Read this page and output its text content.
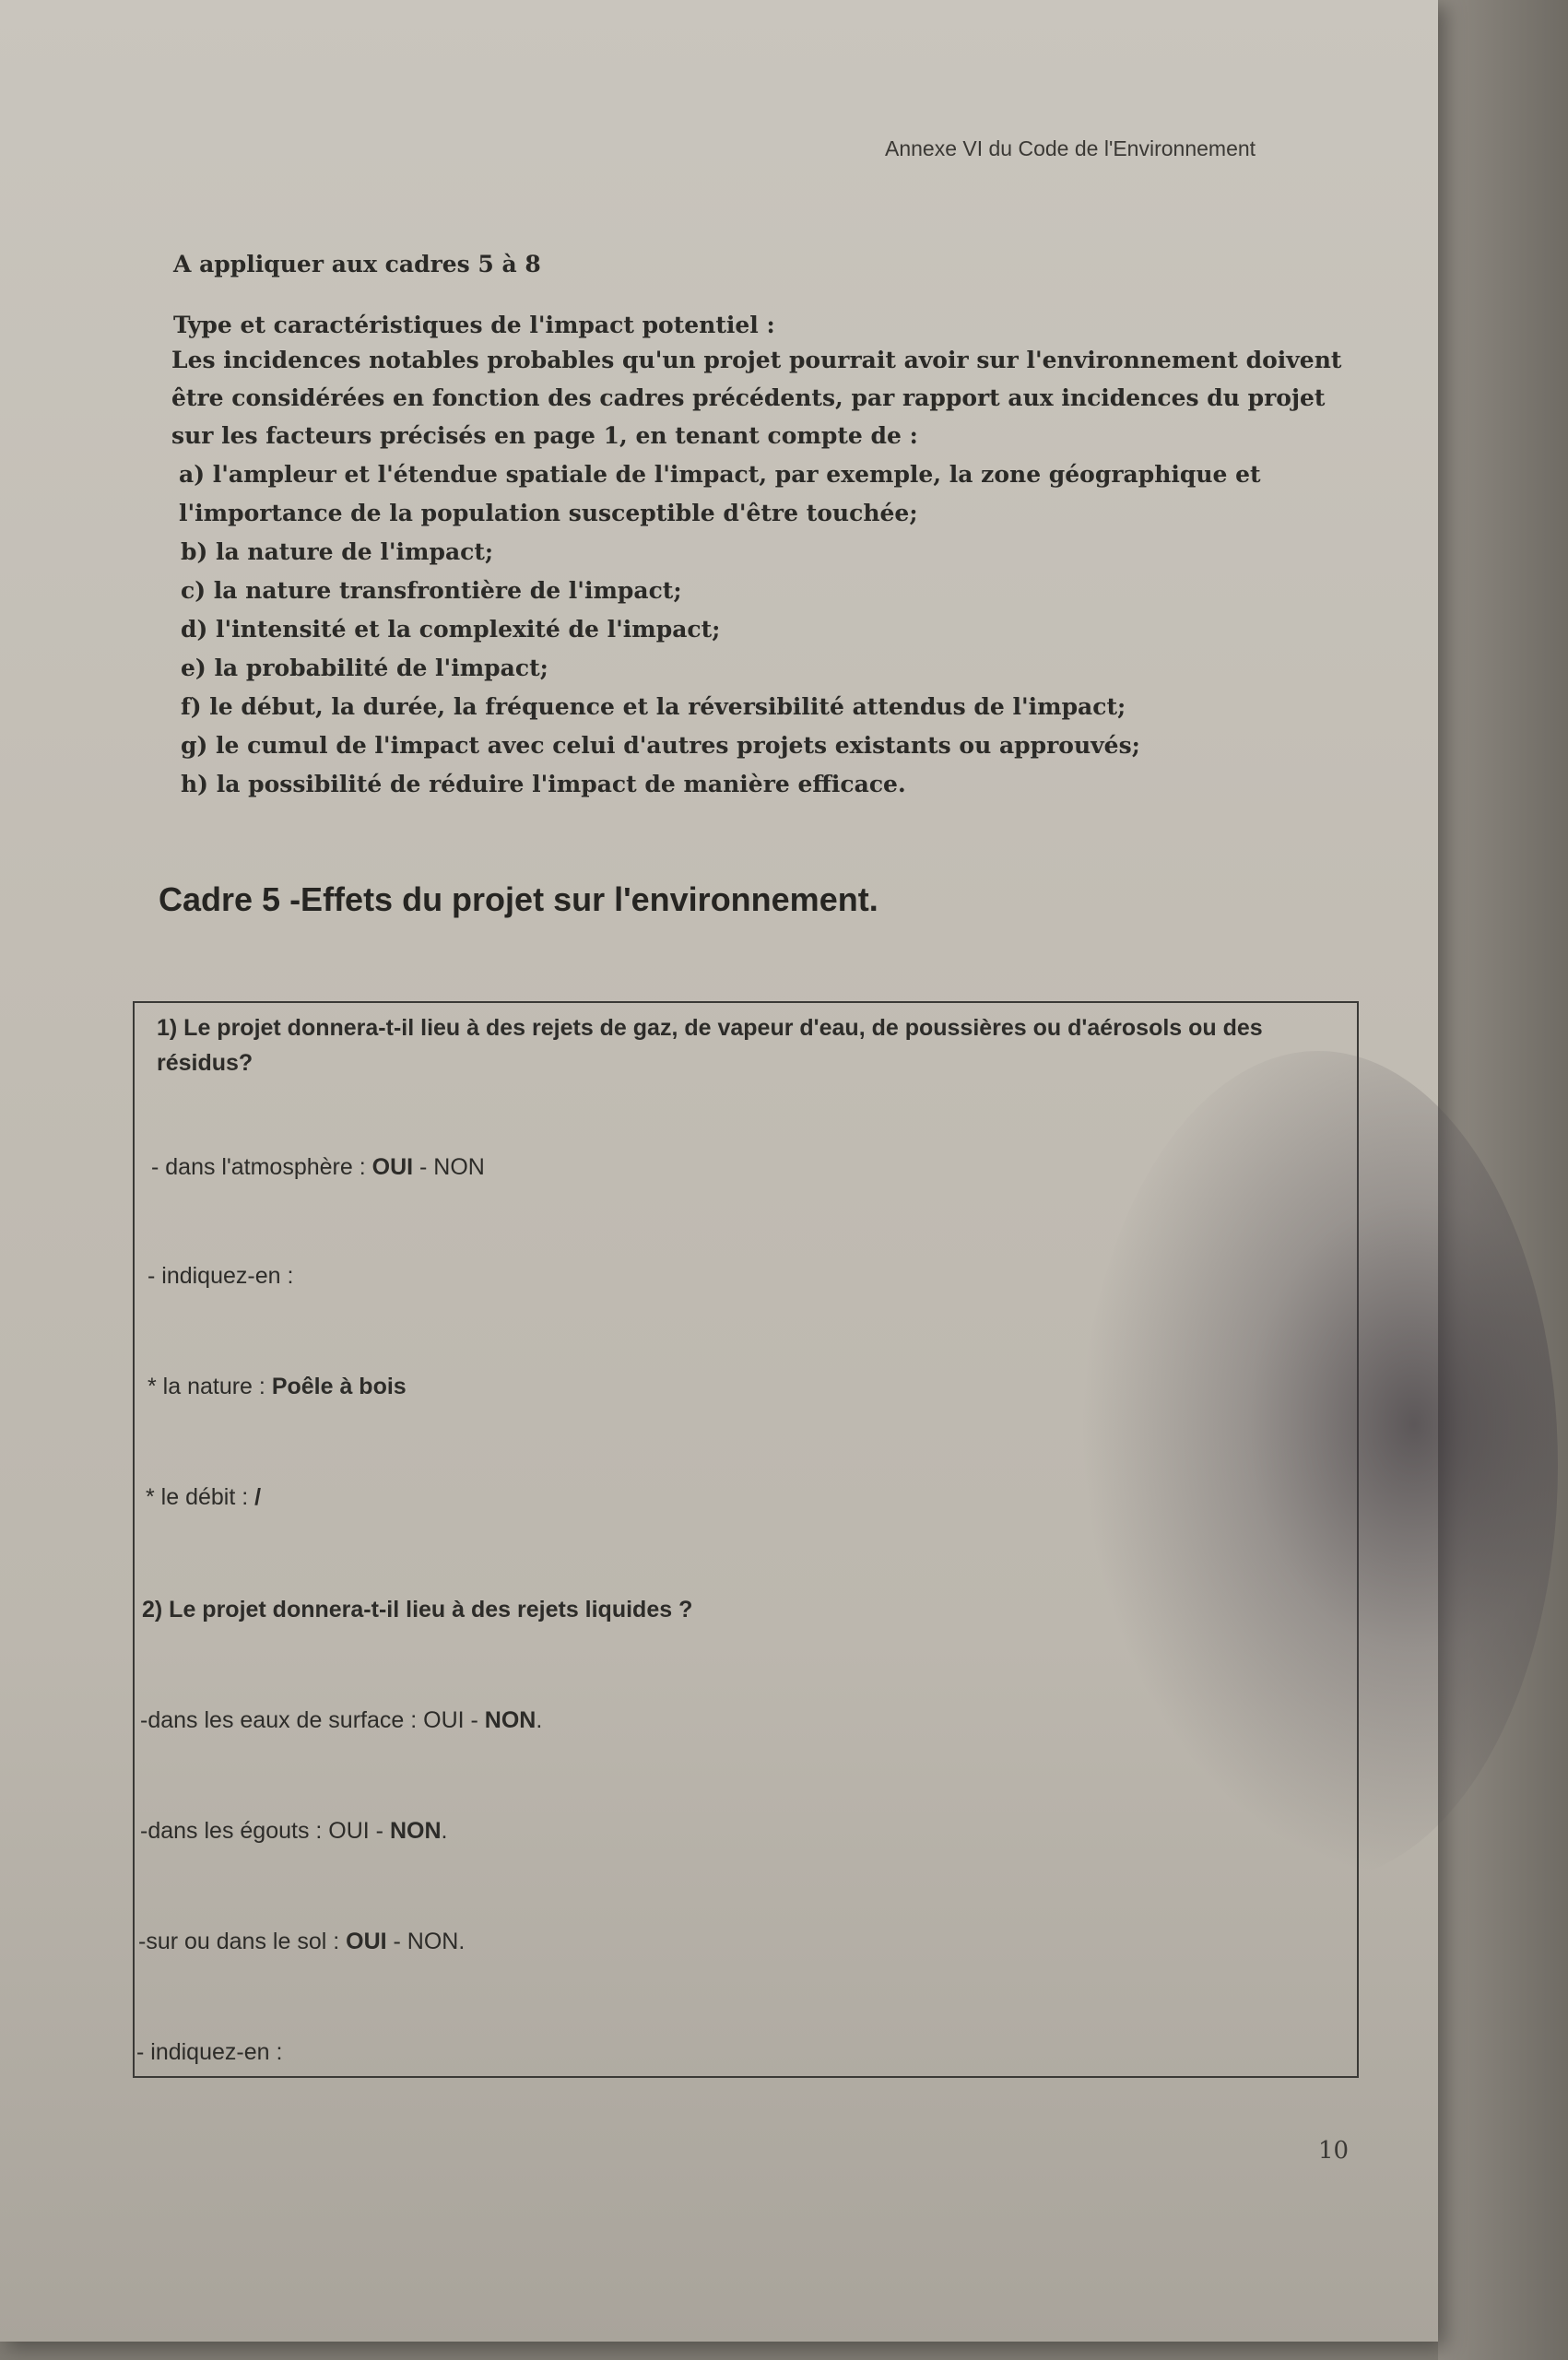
Annexe VI du Code de l'Environnement
A appliquer aux cadres 5 à 8
Type et caractéristiques de l'impact potentiel :
Les incidences notables probables qu'un projet pourrait avoir sur l'environnement doivent être considérées en fonction des cadres précédents, par rapport aux incidences du projet sur les facteurs précisés en page 1, en tenant compte de :
a) l'ampleur et l'étendue spatiale de l'impact, par exemple, la zone géographique et l'importance de la population susceptible d'être touchée;
b) la nature de l'impact;
c) la nature transfrontière de l'impact;
d) l'intensité et la complexité de l'impact;
e) la probabilité de l'impact;
f) le début, la durée, la fréquence et la réversibilité attendus de l'impact;
g) le cumul de l'impact avec celui d'autres projets existants ou approuvés;
h) la possibilité de réduire l'impact de manière efficace.
Cadre 5 -Effets du projet sur l'environnement.
1) Le projet donnera-t-il lieu à des rejets de gaz, de vapeur d'eau, de poussières ou d'aérosols ou des résidus?
- dans l'atmosphère : OUI - NON
- indiquez-en :
* la nature : Poêle à bois
* le débit : /
2) Le projet donnera-t-il lieu à des rejets liquides ?
-dans les eaux de surface : OUI - NON.
-dans les égouts : OUI - NON.
-sur ou dans le sol : OUI - NON.
- indiquez-en :
10
